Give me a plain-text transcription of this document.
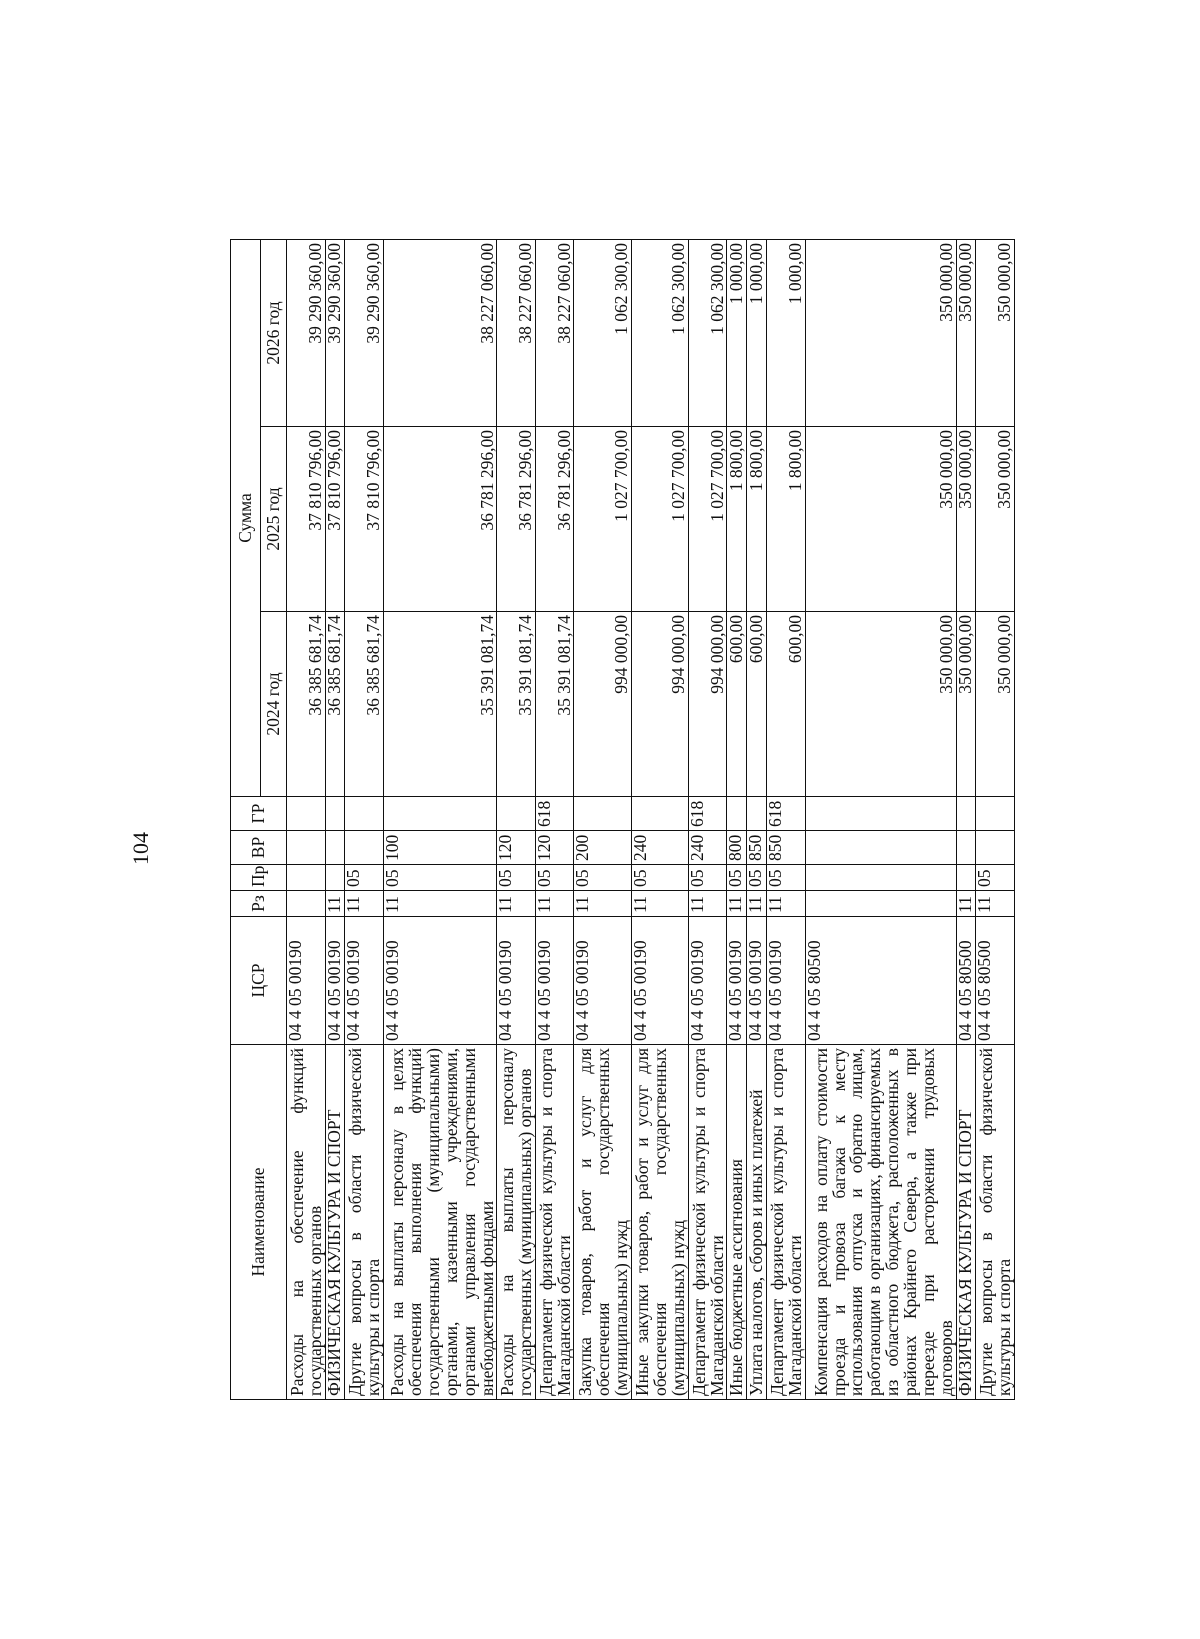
104
Наименование	ЦСР	Рз	Пр	ВР	ГР	Сумма		
						2024 год	2025 год	2026 год
Расходы на обеспечение функций государственных органов	04 4 05 00190					36 385 681,74	37 810 796,00	39 290 360,00
ФИЗИЧЕСКАЯ КУЛЬТУРА И СПОРТ	04 4 05 00190	11				36 385 681,74	37 810 796,00	39 290 360,00
Другие вопросы в области физической культуры и спорта	04 4 05 00190	11	05			36 385 681,74	37 810 796,00	39 290 360,00
Расходы на выплаты персоналу в целях обеспечения выполнения функций государственными (муниципальными) органами, казенными учреждениями, органами управления государственными внебюджетными фондами	04 4 05 00190	11	05	100		35 391 081,74	36 781 296,00	38 227 060,00
Расходы на выплаты персоналу государственных (муниципальных) органов	04 4 05 00190	11	05	120		35 391 081,74	36 781 296,00	38 227 060,00
Департамент физической культуры и спорта Магаданской области	04 4 05 00190	11	05	120	618	35 391 081,74	36 781 296,00	38 227 060,00
Закупка товаров, работ и услуг для обеспечения государственных (муниципальных) нужд	04 4 05 00190	11	05	200		994 000,00	1 027 700,00	1 062 300,00
Иные закупки товаров, работ и услуг для обеспечения государственных (муниципальных) нужд	04 4 05 00190	11	05	240		994 000,00	1 027 700,00	1 062 300,00
Департамент физической культуры и спорта Магаданской области	04 4 05 00190	11	05	240	618	994 000,00	1 027 700,00	1 062 300,00
Иные бюджетные ассигнования	04 4 05 00190	11	05	800		600,00	1 800,00	1 000,00
Уплата налогов, сборов и иных платежей	04 4 05 00190	11	05	850		600,00	1 800,00	1 000,00
Департамент физической культуры и спорта Магаданской области	04 4 05 00190	11	05	850	618	600,00	1 800,00	1 000,00
Компенсация расходов на оплату стоимости проезда и провоза багажа к месту использования отпуска и обратно лицам, работающим в организациях, финансируемых из областного бюджета, расположенных в районах Крайнего Севера, а также при переезде при расторжении трудовых договоров	04 4 05 80500					350 000,00	350 000,00	350 000,00
ФИЗИЧЕСКАЯ КУЛЬТУРА И СПОРТ	04 4 05 80500	11				350 000,00	350 000,00	350 000,00
Другие вопросы в области физической культуры и спорта	04 4 05 80500	11	05			350 000,00	350 000,00	350 000,00
